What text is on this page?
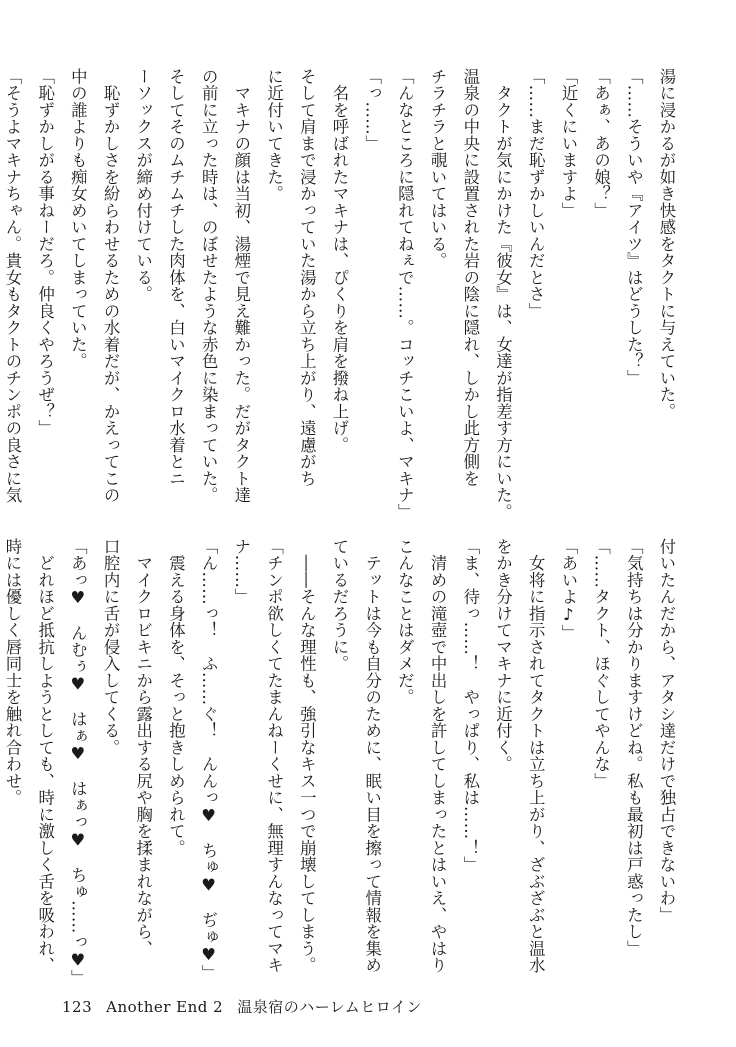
湯に浸かるが如き快感をタクトに与えていた。
「……そういや『アイツ』はどうした？」
「あぁ、あの娘？」
「近くにいますよ」
「……まだ恥ずかしいんだとさ」
　タクトが気にかけた『彼女』は、女達が指差す方にいた。
温泉の中央に設置された岩の陰に隠れ、しかし此方側を
チラチラと覗いてはいる。
「んなところに隠れてねぇで……。コッチこいよ、マキナ」
「っ……」
　名を呼ばれたマキナは、ぴくりを肩を撥ね上げ。
そして肩まで浸かっていた湯から立ち上がり、遠慮がち
に近付いてきた。
　マキナの顔は当初、湯煙で見え難かった。だがタクト達
の前に立った時は、のぼせたような赤色に染まっていた。
そしてそのムチムチした肉体を、白いマイクロ水着とニ
ーソックスが締め付けている。
　恥ずかしさを紛らわせるための水着だが、かえってこの
中の誰よりも痴女めいてしまっていた。
「恥ずかしがる事ねーだろ。仲良くやろうぜ？」
「そうよマキナちゃん。貴女もタクトのチンポの良さに気
付いたんだから、アタシ達だけで独占できないわ」
「気持ちは分かりますけどね。私も最初は戸惑ったし」
「……タクト、ほぐしてやんな」
「あいよ♪」
　女将に指示されてタクトは立ち上がり、ざぶざぶと温水
をかき分けてマキナに近付く。
「ま、待っ……！　やっぱり、私は……！」
　清めの滝壺で中出しを許してしまったとはいえ、やはり
こんなことはダメだ。
　テットは今も自分のために、眠い目を擦って情報を集め
ているだろうに。
　――そんな理性も、強引なキス一つで崩壊してしまう。
「チンポ欲しくてたまんねーくせに、無理すんなってマキ
ナ……」
「ん……っ！　ふ……ぐ！　んんっ♥　ちゅ♥　ぢゅ♥」
　震える身体を、そっと抱きしめられて。
　マイクロビキニから露出する尻や胸を揉まれながら、
口腔内に舌が侵入してくる。
「あっ♥　んむぅ♥　はぁ♥　はぁっ♥　ちゅ……っ♥」
　どれほど抵抗しようとしても、時に激しく舌を吸われ、
時には優しく唇同士を触れ合わせ。
123 Another End 2 温泉宿のハーレムヒロイン
